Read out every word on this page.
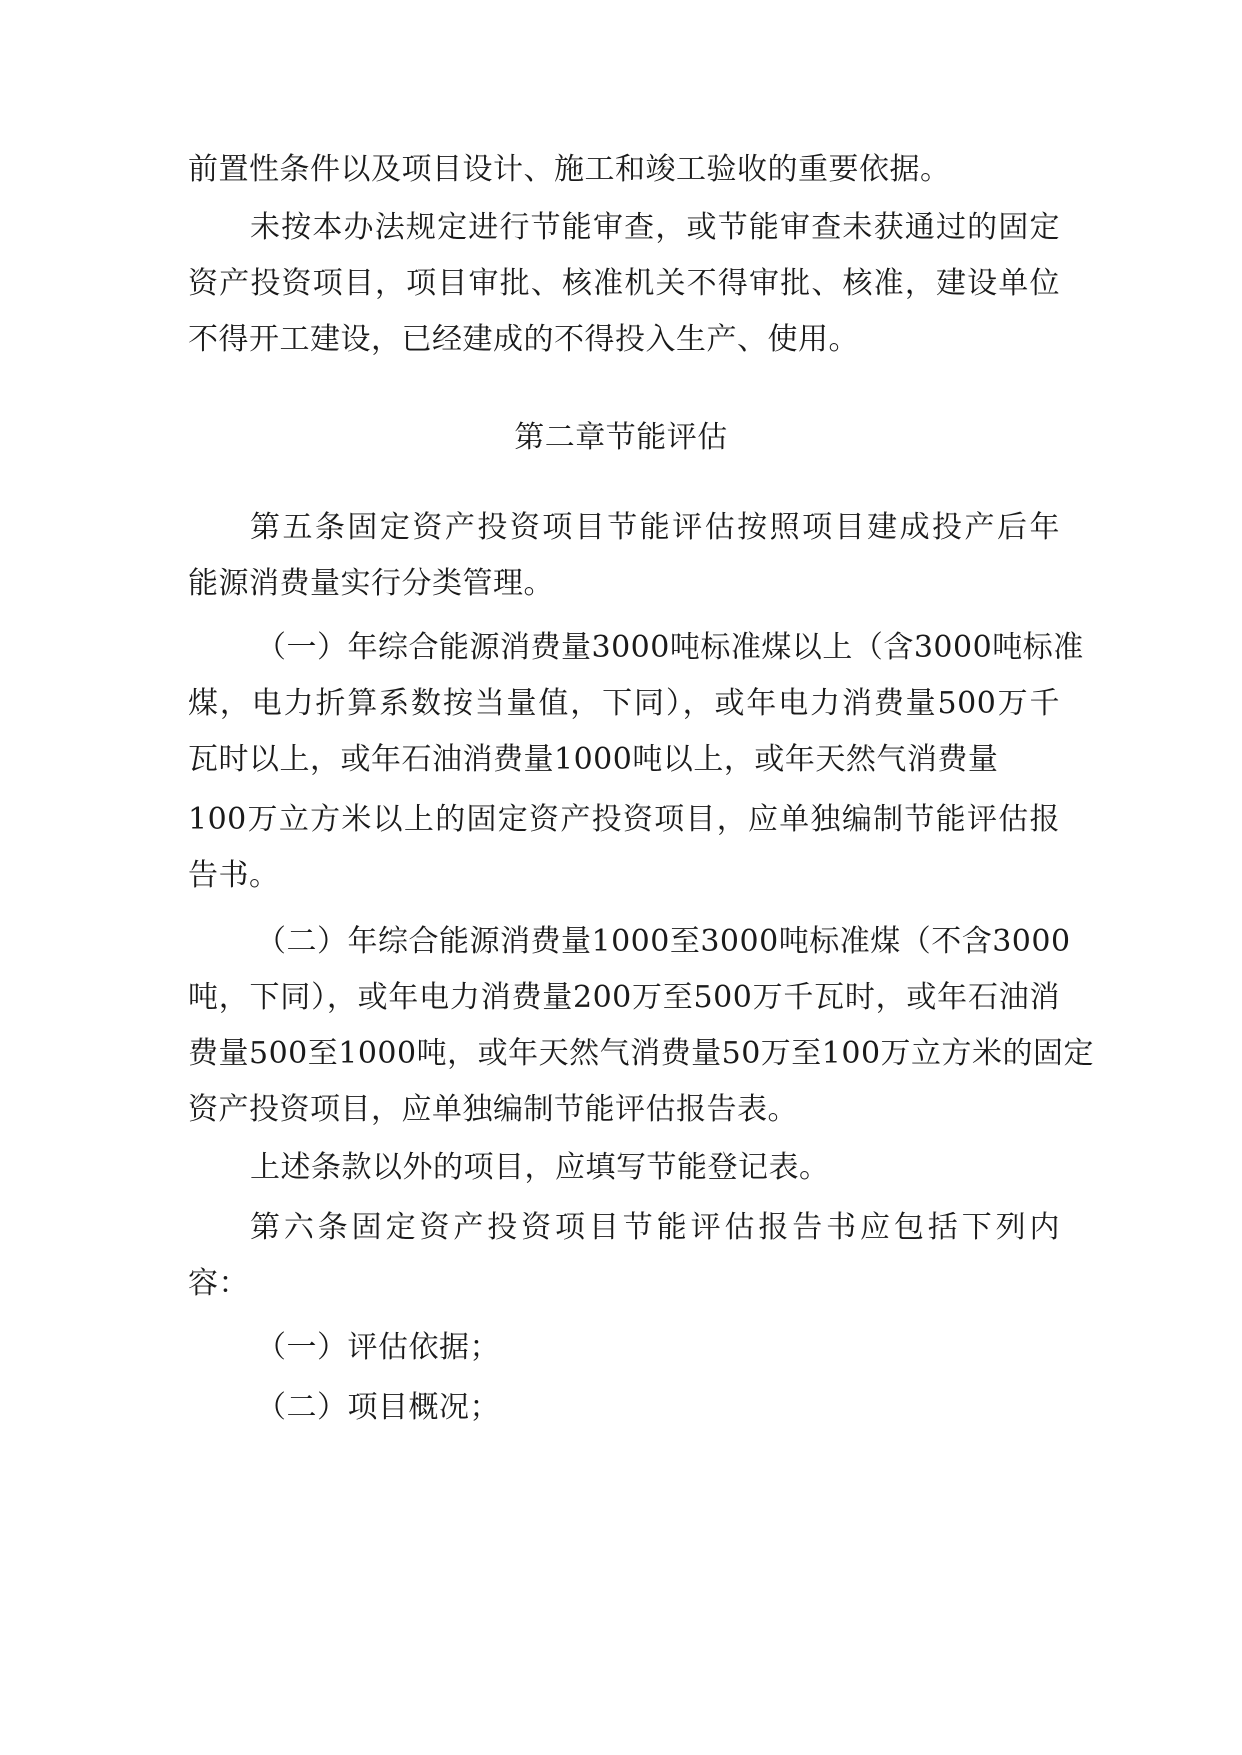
前置性条件以及项目设计、施工和竣工验收的重要依据。
未按本办法规定进行节能审查，或节能审查未获通过的固定
资产投资项目，项目审批、核准机关不得审批、核准，建设单位
不得开工建设，已经建成的不得投入生产、使用。
第二章节能评估
第五条固定资产投资项目节能评估按照项目建成投产后年
能源消费量实行分类管理。
（一）年综合能源消费量3000吨标准煤以上（含3000吨标准
煤，电力折算系数按当量值，下同），或年电力消费量500万千
瓦时以上，或年石油消费量1000吨以上，或年天然气消费量
100万立方米以上的固定资产投资项目，应单独编制节能评估报
告书。
（二）年综合能源消费量1000至3000吨标准煤（不含3000
吨，下同），或年电力消费量200万至500万千瓦时，或年石油消
费量500至1000吨，或年天然气消费量50万至100万立方米的固定
资产投资项目，应单独编制节能评估报告表。
上述条款以外的项目，应填写节能登记表。
第六条固定资产投资项目节能评估报告书应包括下列内
容：
（一）评估依据；
（二）项目概况；
